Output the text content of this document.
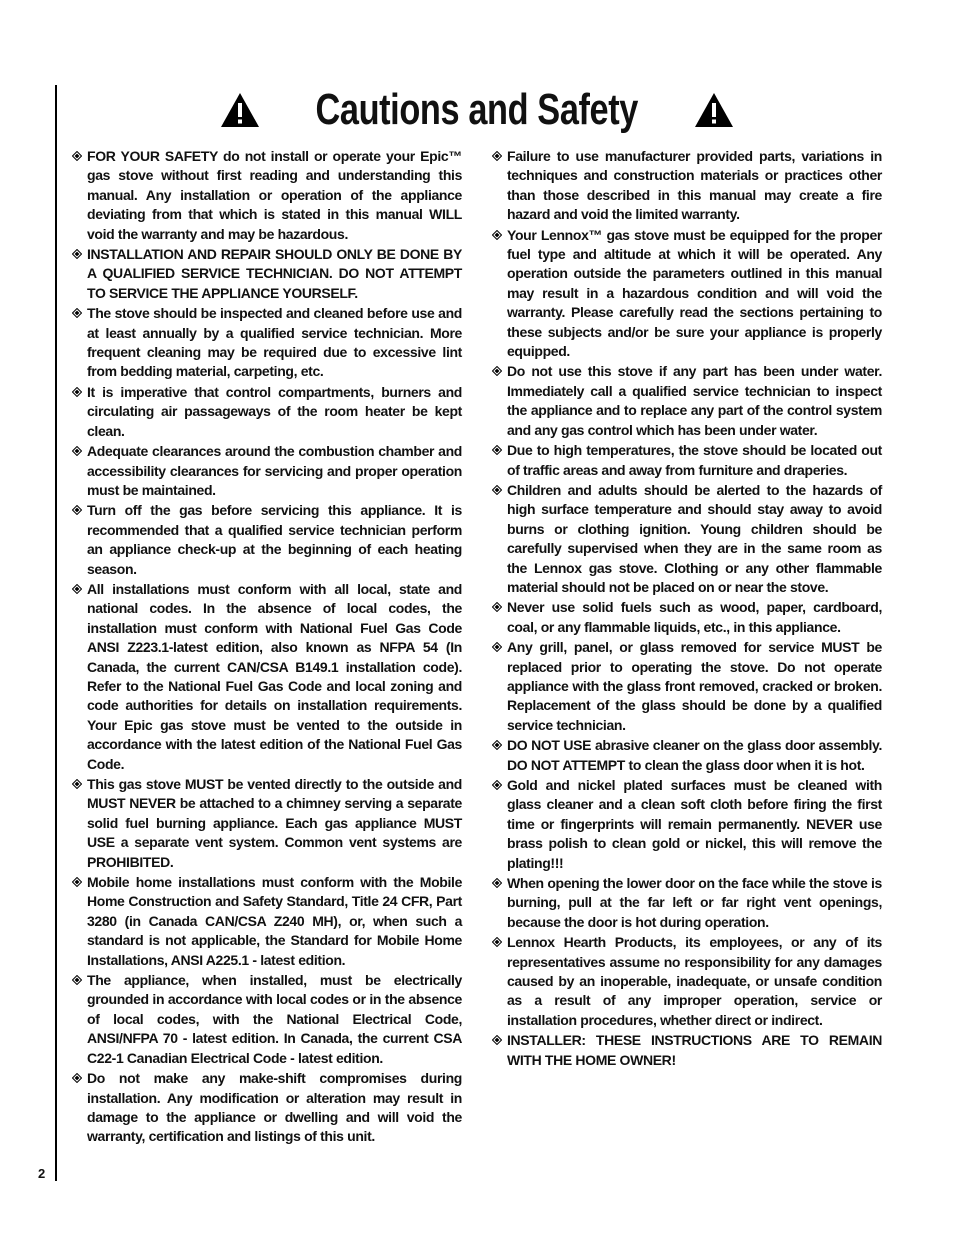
Cautions and Safety

FOR YOUR SAFETY do not install or operate your Epic™ gas stove without first reading and understanding this manual. Any installation or operation of the appliance deviating from that which is stated in this manual WILL void the warranty and may be hazardous.

INSTALLATION AND REPAIR SHOULD ONLY BE DONE BY A QUALIFIED SERVICE TECHNICIAN. DO NOT ATTEMPT TO SERVICE THE APPLIANCE YOURSELF.

The stove should be inspected and cleaned before use and at least annually by a qualified service technician. More frequent cleaning may be required due to excessive lint from bedding material, carpeting, etc.

It is imperative that control compartments, burners and circulating air passageways of the room heater be kept clean.

Adequate clearances around the combustion chamber and accessibility clearances for servicing and proper operation must be maintained.

Turn off the gas before servicing this appliance. It is recommended that a qualified service technician perform an appliance check-up at the beginning of each heating season.

All installations must conform with all local, state and national codes. In the absence of local codes, the installation must conform with National Fuel Gas Code ANSI Z223.1-latest edition, also known as NFPA 54 (In Canada, the current CAN/CSA B149.1 installation code). Refer to the National Fuel Gas Code and local zoning and code authorities for details on installation requirements. Your Epic gas stove must be vented to the outside in accordance with the latest edition of the National Fuel Gas Code.

This gas stove MUST be vented directly to the outside and MUST NEVER be attached to a chimney serving a separate solid fuel burning appliance. Each gas appliance MUST USE a separate vent system. Common vent systems are PROHIBITED.

Mobile home installations must conform with the Mobile Home Construction and Safety Standard, Title 24 CFR, Part 3280 (in Canada CAN/CSA Z240 MH), or, when such a standard is not applicable, the Standard for Mobile Home Installations, ANSI A225.1 - latest edition.

The appliance, when installed, must be electrically grounded in accordance with local codes or in the absence of local codes, with the National Electrical Code, ANSI/NFPA 70 - latest edition. In Canada, the current CSA C22-1 Canadian Electrical Code - latest edition.

Do not make any make-shift compromises during installation. Any modification or alteration may result in damage to the appliance or dwelling and will void the warranty, certification and listings of this unit.

Failure to use manufacturer provided parts, variations in techniques and construction materials or practices other than those described in this manual may create a fire hazard and void the limited warranty.

Your Lennox™ gas stove must be equipped for the proper fuel type and altitude at which it will be operated. Any operation outside the parameters outlined in this manual may result in a hazardous condition and will void the warranty. Please carefully read the sections pertaining to these subjects and/or be sure your appliance is properly equipped.

Do not use this stove if any part has been under water. Immediately call a qualified service technician to inspect the appliance and to replace any part of the control system and any gas control which has been under water.

Due to high temperatures, the stove should be located out of traffic areas and away from furniture and draperies.

Children and adults should be alerted to the hazards of high surface temperature and should stay away to avoid burns or clothing ignition. Young children should be carefully supervised when they are in the same room as the Lennox gas stove. Clothing or any other flammable material should not be placed on or near the stove.

Never use solid fuels such as wood, paper, cardboard, coal, or any flammable liquids, etc., in this appliance.

Any grill, panel, or glass removed for service MUST be replaced prior to operating the stove. Do not operate appliance with the glass front removed, cracked or broken. Replacement of the glass should be done by a qualified service technician.

DO NOT USE abrasive cleaner on the glass door assembly. DO NOT ATTEMPT to clean the glass door when it is hot.

Gold and nickel plated surfaces must be cleaned with glass cleaner and a clean soft cloth before firing the first time or fingerprints will remain permanently. NEVER use brass polish to clean gold or nickel, this will remove the plating!!!

When opening the lower door on the face while the stove is burning, pull at the far left or far right vent openings, because the door is hot during operation.

Lennox Hearth Products, its employees, or any of its representatives assume no responsibility for any damages caused by an inoperable, inadequate, or unsafe condition as a result of any improper operation, service or installation procedures, whether direct or indirect.

INSTALLER: THESE INSTRUCTIONS ARE TO REMAIN WITH THE HOME OWNER!

2
